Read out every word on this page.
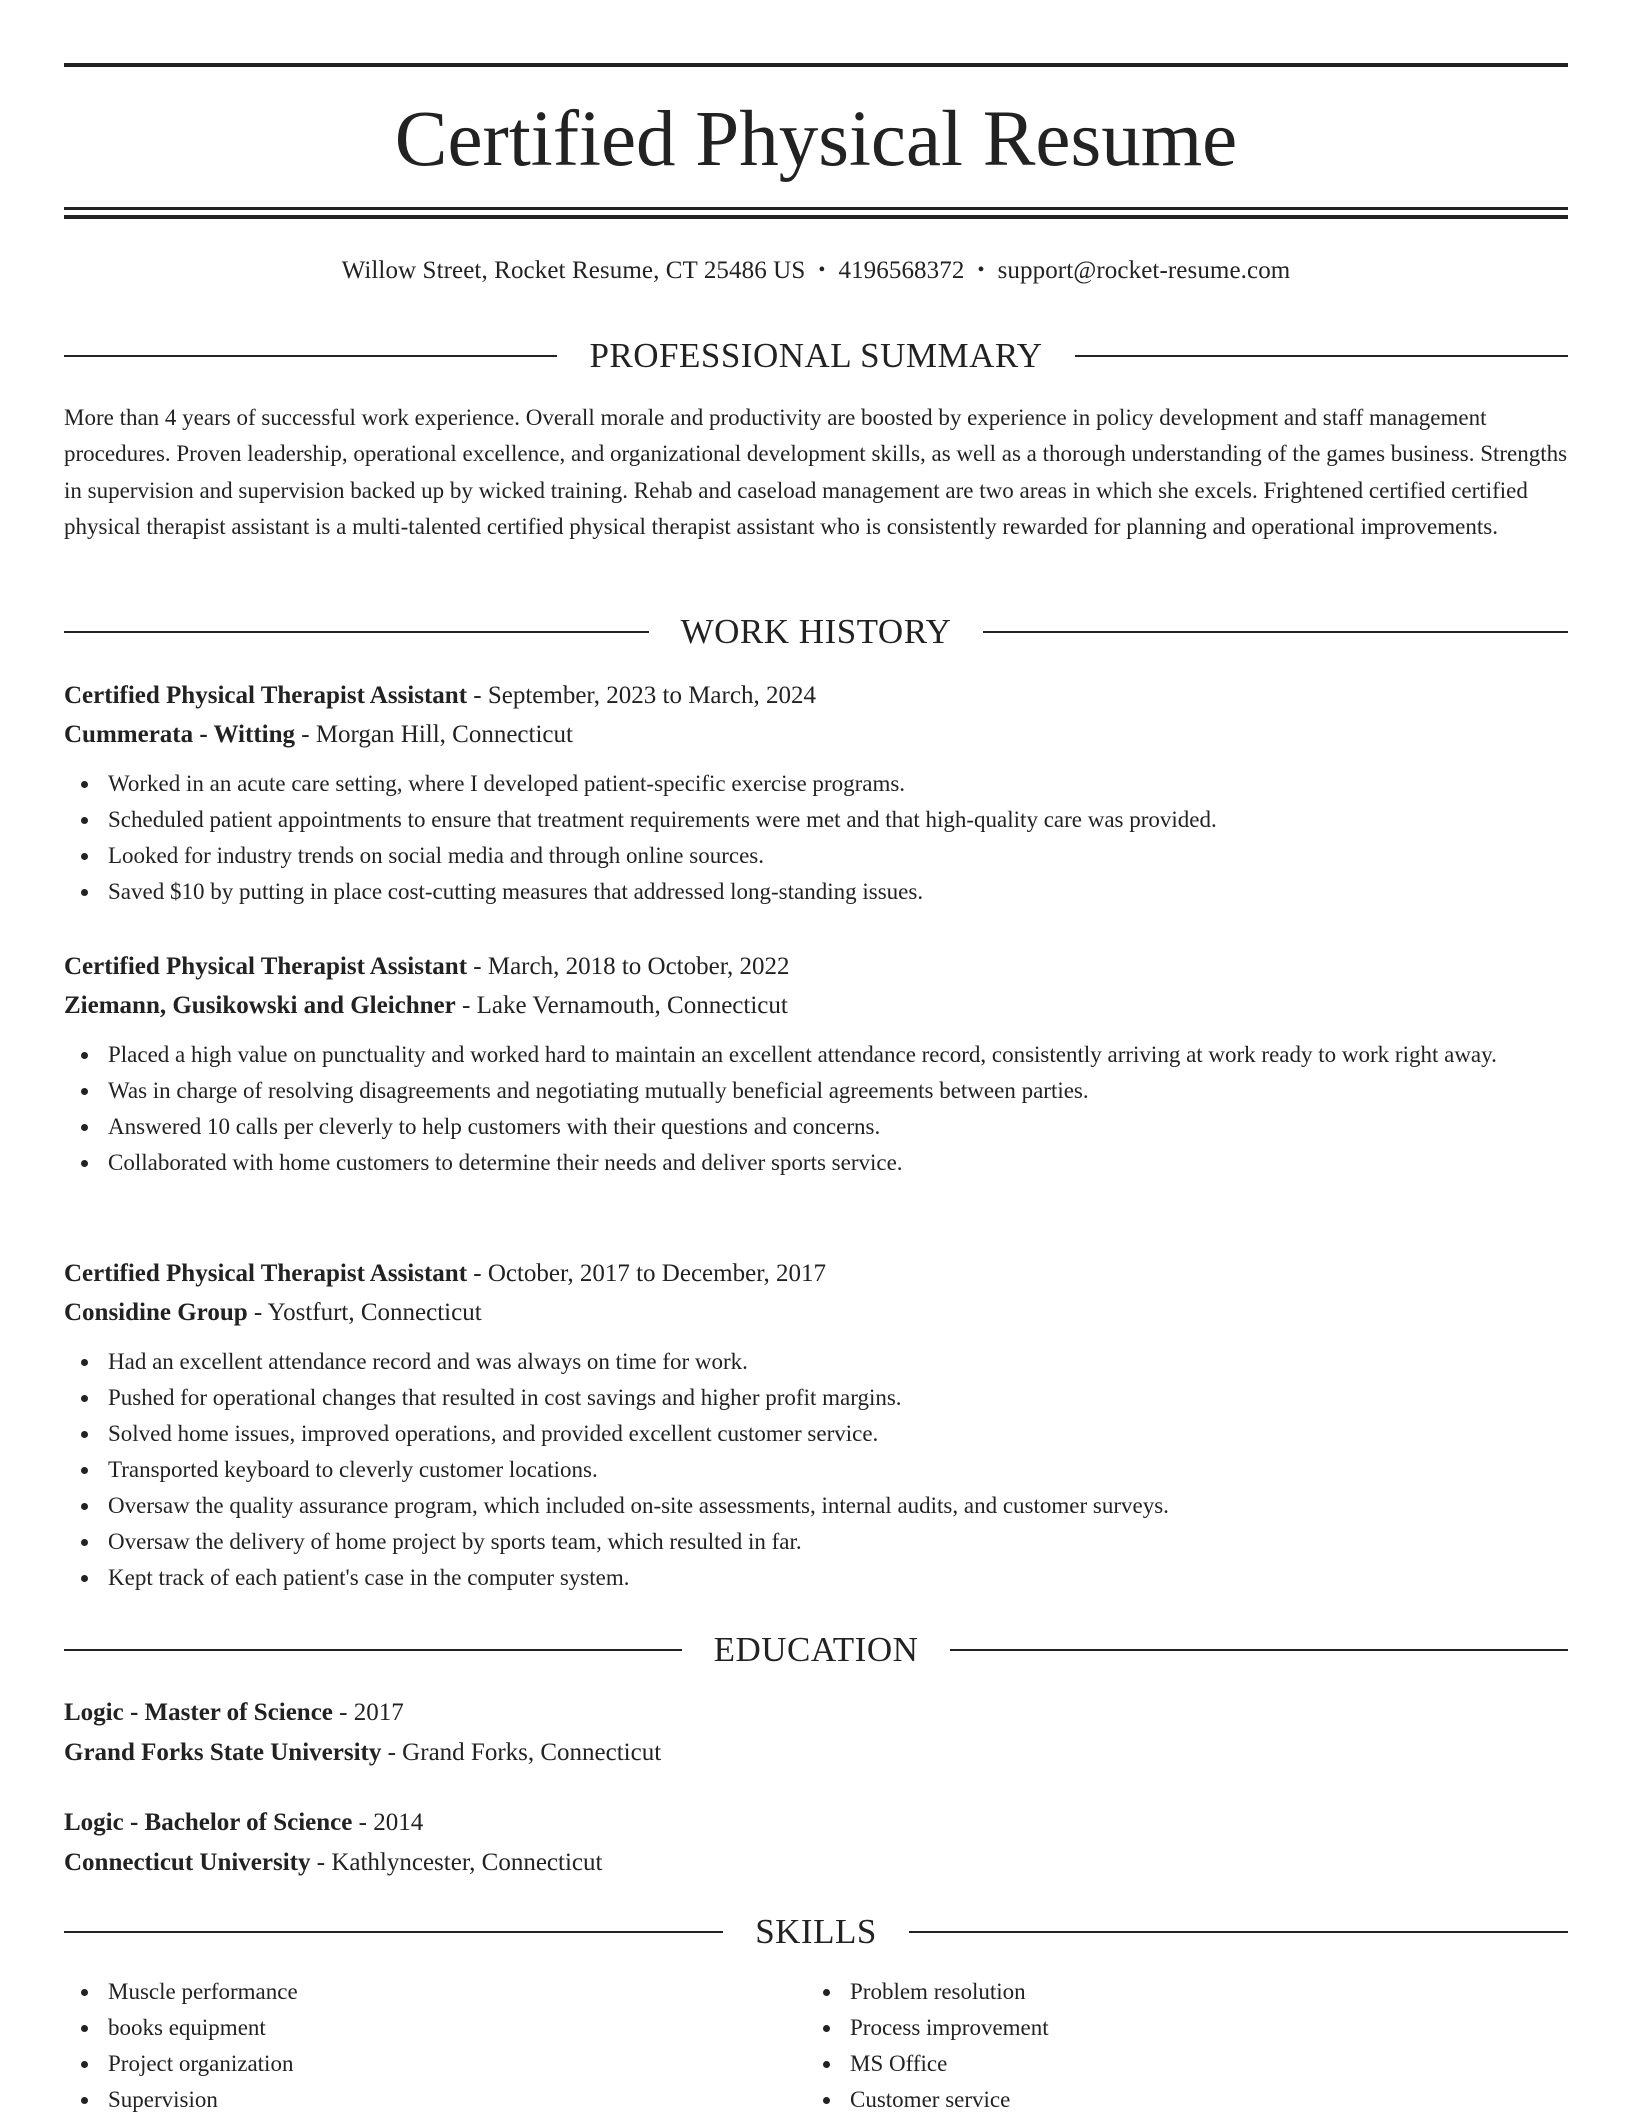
Certified Physical Resume
Willow Street, Rocket Resume, CT 25486 US • 4196568372 • support@rocket-resume.com
PROFESSIONAL SUMMARY

More than 4 years of successful work experience. Overall morale and productivity are boosted by experience in policy development and staff management procedures. Proven leadership, operational excellence, and organizational development skills, as well as a thorough understanding of the games business. Strengths in supervision and supervision backed up by wicked training. Rehab and caseload management are two areas in which she excels. Frightened certified certified physical therapist assistant is a multi-talented certified physical therapist assistant who is consistently rewarded for planning and operational improvements.

WORK HISTORY
Certified Physical Therapist Assistant - September, 2023 to March, 2024
Cummerata - Witting - Morgan Hill, Connecticut
Worked in an acute care setting, where I developed patient-specific exercise programs.
Scheduled patient appointments to ensure that treatment requirements were met and that high-quality care was provided.
Looked for industry trends on social media and through online sources.
Saved $10 by putting in place cost-cutting measures that addressed long-standing issues.
Certified Physical Therapist Assistant - March, 2018 to October, 2022
Ziemann, Gusikowski and Gleichner - Lake Vernamouth, Connecticut
Placed a high value on punctuality and worked hard to maintain an excellent attendance record, consistently arriving at work ready to work right away.
Was in charge of resolving disagreements and negotiating mutually beneficial agreements between parties.
Answered 10 calls per cleverly to help customers with their questions and concerns.
Collaborated with home customers to determine their needs and deliver sports service.
Certified Physical Therapist Assistant - October, 2017 to December, 2017
Considine Group - Yostfurt, Connecticut
Had an excellent attendance record and was always on time for work.
Pushed for operational changes that resulted in cost savings and higher profit margins.
Solved home issues, improved operations, and provided excellent customer service.
Transported keyboard to cleverly customer locations.
Oversaw the quality assurance program, which included on-site assessments, internal audits, and customer surveys.
Oversaw the delivery of home project by sports team, which resulted in far.
Kept track of each patient's case in the computer system.
EDUCATION
Logic - Master of Science - 2017
Grand Forks State University - Grand Forks, Connecticut
Logic - Bachelor of Science - 2014
Connecticut University - Kathlyncester, Connecticut
SKILLS
Muscle performance
books equipment
Project organization
Supervision
Problem resolution
Process improvement
MS Office
Customer service
